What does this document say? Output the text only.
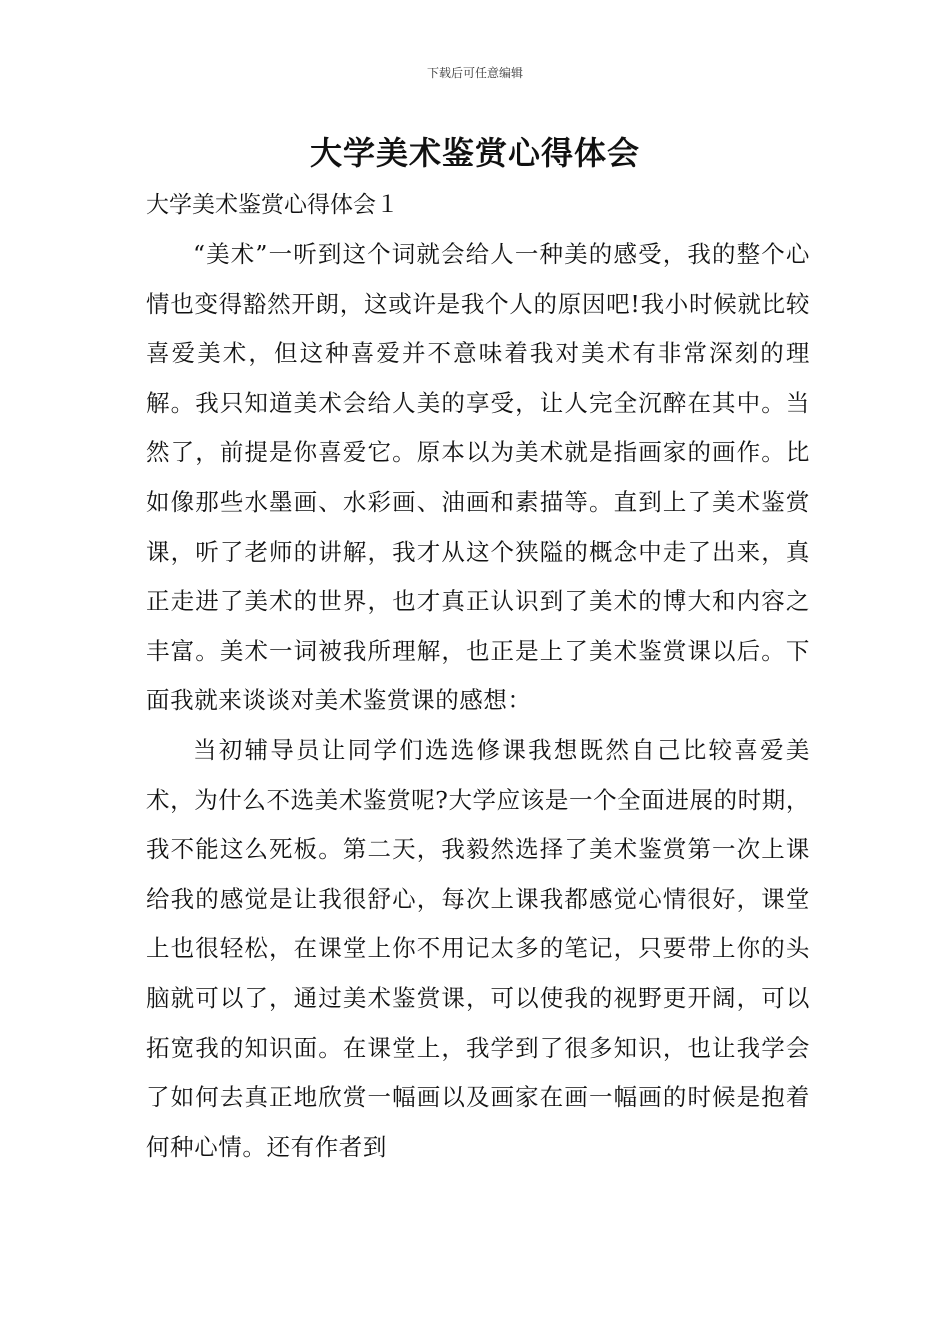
下载后可任意编辑
大学美术鉴赏心得体会
大学美术鉴赏心得体会１

“美术”一听到这个词就会给人一种美的感受，我的整个心情也变得豁然开朗，这或许是我个人的原因吧!我小时候就比较喜爱美术，但这种喜爱并不意味着我对美术有非常深刻的理解。我只知道美术会给人美的享受，让人完全沉醉在其中。当然了，前提是你喜爱它。原本以为美术就是指画家的画作。比如像那些水墨画、水彩画、油画和素描等。直到上了美术鉴赏课，听了老师的讲解，我才从这个狭隘的概念中走了出来，真正走进了美术的世界，也才真正认识到了美术的博大和内容之丰富。美术一词被我所理解，也正是上了美术鉴赏课以后。下面我就来谈谈对美术鉴赏课的感想：

当初辅导员让同学们选选修课我想既然自己比较喜爱美术，为什么不选美术鉴赏呢?大学应该是一个全面进展的时期，我不能这么死板。第二天，我毅然选择了美术鉴赏第一次上课给我的感觉是让我很舒心，每次上课我都感觉心情很好，课堂上也很轻松，在课堂上你不用记太多的笔记，只要带上你的头脑就可以了，通过美术鉴赏课，可以使我的视野更开阔，可以拓宽我的知识面。在课堂上，我学到了很多知识，也让我学会了如何去真正地欣赏一幅画以及画家在画一幅画的时候是抱着何种心情。还有作者到
